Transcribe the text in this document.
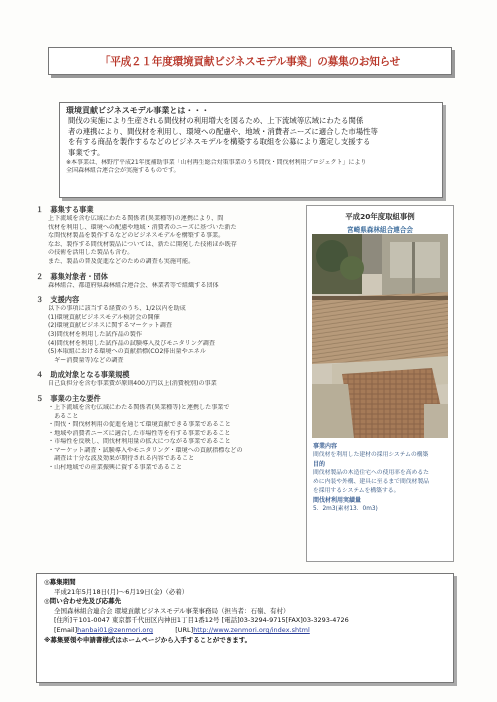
「平成２１年度環境貢献ビジネスモデル事業」の募集のお知らせ
環境貢献ビジネスモデル事業とは・・・
間伐の実施により生産される間伐材の利用増大を図るため、上下流域等広域にわたる関係
者の連携により、間伐材を利用し、環境への配慮や、地域・消費者ニーズに適合した市場性等
を有する商品を製作するなどのビジネスモデルを構築する取組を公募により選定し支援する
事業です。
※本事業は、林野庁平成21年度補助事業「山村再生総合対策事業のうち間伐・間伐材利用プロジェクト」により
全国森林組合連合会が実施するものです。
１　募集する事業
上下流域を含む広域にわたる関係者(異業種等)の連携により、間
伐材を利用し、環境への配慮や地域・消費者のニーズに基づいた新た
な間伐材製品を製作するなどのビジネスモデルを構築する事業。
なお、製作する間伐材製品については、新たに開発した技術ほか既存
の技術を活用した製品も含む。
また、製品の普及促進などのための調査も実施可能。
２　募集対象者・団体
森林組合、都道府県森林組合連合会、林業者等で組織する団体
３　支援内容
以下の事項に該当する経費のうち、1/2以内を助成
(1)環境貢献ビジネスモデル検討会の開催
(2)環境貢献ビジネスに関するマーケット調査
(3)間伐材を利用した試作品の製作
(4)間伐材を利用した試作品の試験導入及びモニタリング調査
(5)本取組における環境への貢献指標(CO2排出量やエネル
　ギー消費量等)などの調査
４　助成対象となる事業規模
自己負担分を含む事業費が原則400万円以上(消費税別)の事業
５　事業の主な要件
・上下流域を含む広域にわたる関係者(異業種等)と連携した事業で
　あること
・間伐・間伐材利用の促進を通じて環境貢献できる事業であること
・地域や消費者ニーズに適合した市場性等を有する事業であること
・市場性を反映し、間伐材利用量の拡大につながる事業であること
・マーケット調査・試験導入やモニタリング・環境への貢献指標などの
　調査は十分な波及効果が期待される内容であること
・山村地域での産業振興に資する事業であること
平成20年度取組事例
宮崎県森林組合連合会
事業内容
間伐材を利用した建材の採用システムの構築
目的
間伐材製品の木造住宅への使用率を高めるた
めに内装や外構、建具に至るまで間伐材製品
を採用するシステムを構築する。
間伐材利用実績量
5．2m3(素材13．0m3)
◎募集期間
平成21年5月18日(月)～6月19日(金)（必着）
◎問い合わせ先及び応募先
全国森林組合連合会 環境貢献ビジネスモデル事業事務局（担当者：石嶺、有村）
[住所]〒101-0047 東京都千代田区内神田1丁目1番12号 [電話]03-3294-9715[FAX]03-3293-4726
[Email]hanbai01@zenmori.org	[URL]http://www.zenmori.org/index.shtml
※募集要領や申請書様式はホームページから入手することができます。
